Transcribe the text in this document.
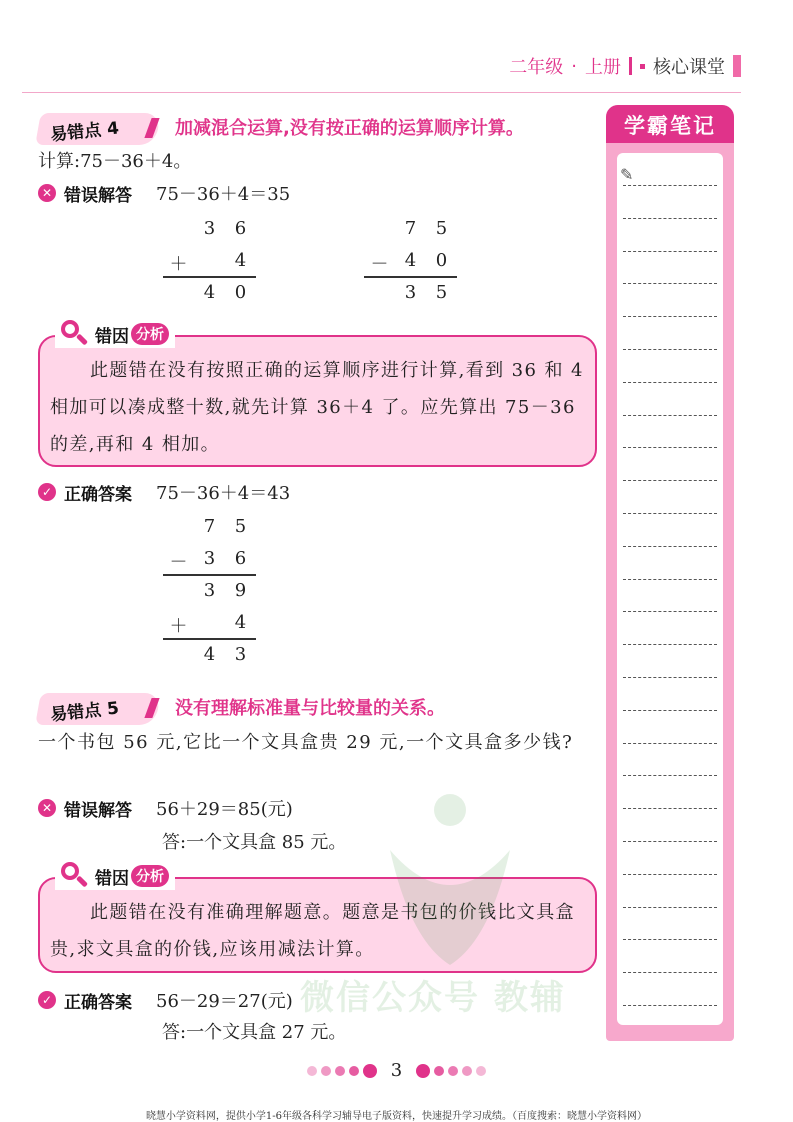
二年级 · 上册 核心课堂
易错点 4	加减混合运算,没有按正确的运算顺序计算。
计算:75－36＋4。
✕ 错误解答 75－36＋4＝35
3	6
＋	4
4	0
7	5
－ 4	0
3	5
错因 分析
此题错在没有按照正确的运算顺序进行计算,看到 36 和 4 相加可以凑成整十数,就先计算 36＋4 了。应先算出 75－36 的差,再和 4 相加。
✓ 正确答案 75－36＋4＝43
7	5
－ 3	6
3	9
＋	4
4	3
易错点 5	没有理解标准量与比较量的关系。
一个书包 56 元,它比一个文具盒贵 29 元,一个文具盒多少钱?
✕ 错误解答 56＋29＝85(元)
答:一个文具盒 85 元。
错因 分析
此题错在没有准确理解题意。题意是书包的价钱比文具盒贵,求文具盒的价钱,应该用减法计算。
✓ 正确答案 56－29＝27(元)
答:一个文具盒 27 元。
学霸笔记
✎
微信公众号 教辅
3
晓慧小学资料网，提供小学1-6年级各科学习辅导电子版资料，快速提升学习成绩。（百度搜索：晓慧小学资料网）
